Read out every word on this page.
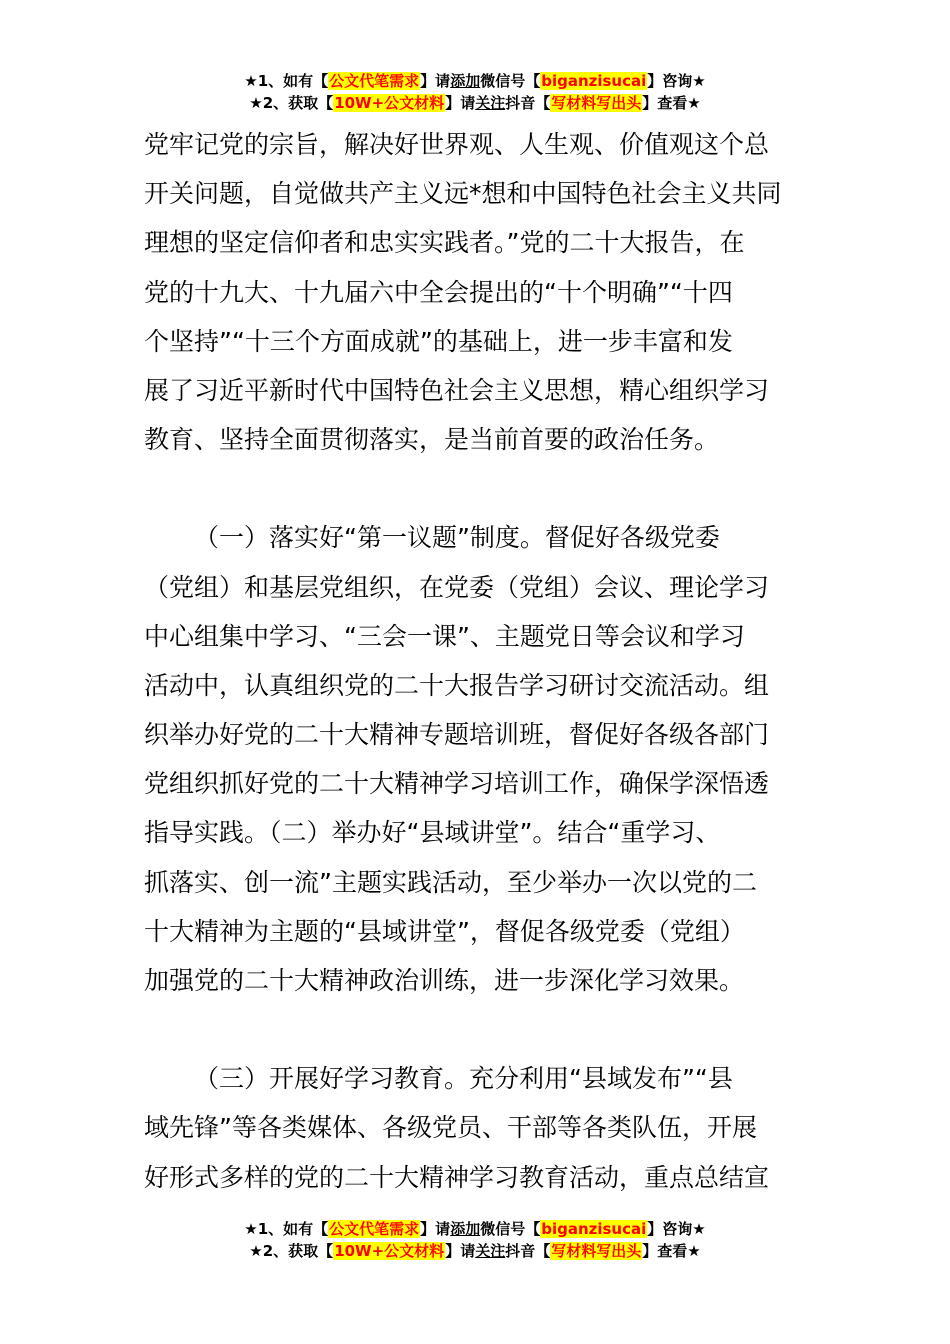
★1、如有【公文代笔需求】请添加微信号【biganzisucai】咨询★
★2、获取【10W+公文材料】请关注抖音【写材料写出头】查看★
党牢记党的宗旨，解决好世界观、人生观、价值观这个总
开关问题，自觉做共产主义远*想和中国特色社会主义共同
理想的坚定信仰者和忠实实践者。”党的二十大报告，在
党的十九大、十九届六中全会提出的“十个明确”“十四
个坚持”“十三个方面成就”的基础上，进一步丰富和发
展了习近平新时代中国特色社会主义思想，精心组织学习
教育、坚持全面贯彻落实，是当前首要的政治任务。
（一）落实好“第一议题”制度。督促好各级党委
（党组）和基层党组织，在党委（党组）会议、理论学习
中心组集中学习、“三会一课”、主题党日等会议和学习
活动中，认真组织党的二十大报告学习研讨交流活动。组
织举办好党的二十大精神专题培训班，督促好各级各部门
党组织抓好党的二十大精神学习培训工作，确保学深悟透
指导实践。（二）举办好“县域讲堂”。结合“重学习、
抓落实、创一流”主题实践活动，至少举办一次以党的二
十大精神为主题的“县域讲堂”，督促各级党委（党组）
加强党的二十大精神政治训练，进一步深化学习效果。
（三）开展好学习教育。充分利用“县域发布”“县
域先锋”等各类媒体、各级党员、干部等各类队伍，开展
好形式多样的党的二十大精神学习教育活动，重点总结宣
★1、如有【公文代笔需求】请添加微信号【biganzisucai】咨询★
★2、获取【10W+公文材料】请关注抖音【写材料写出头】查看★
